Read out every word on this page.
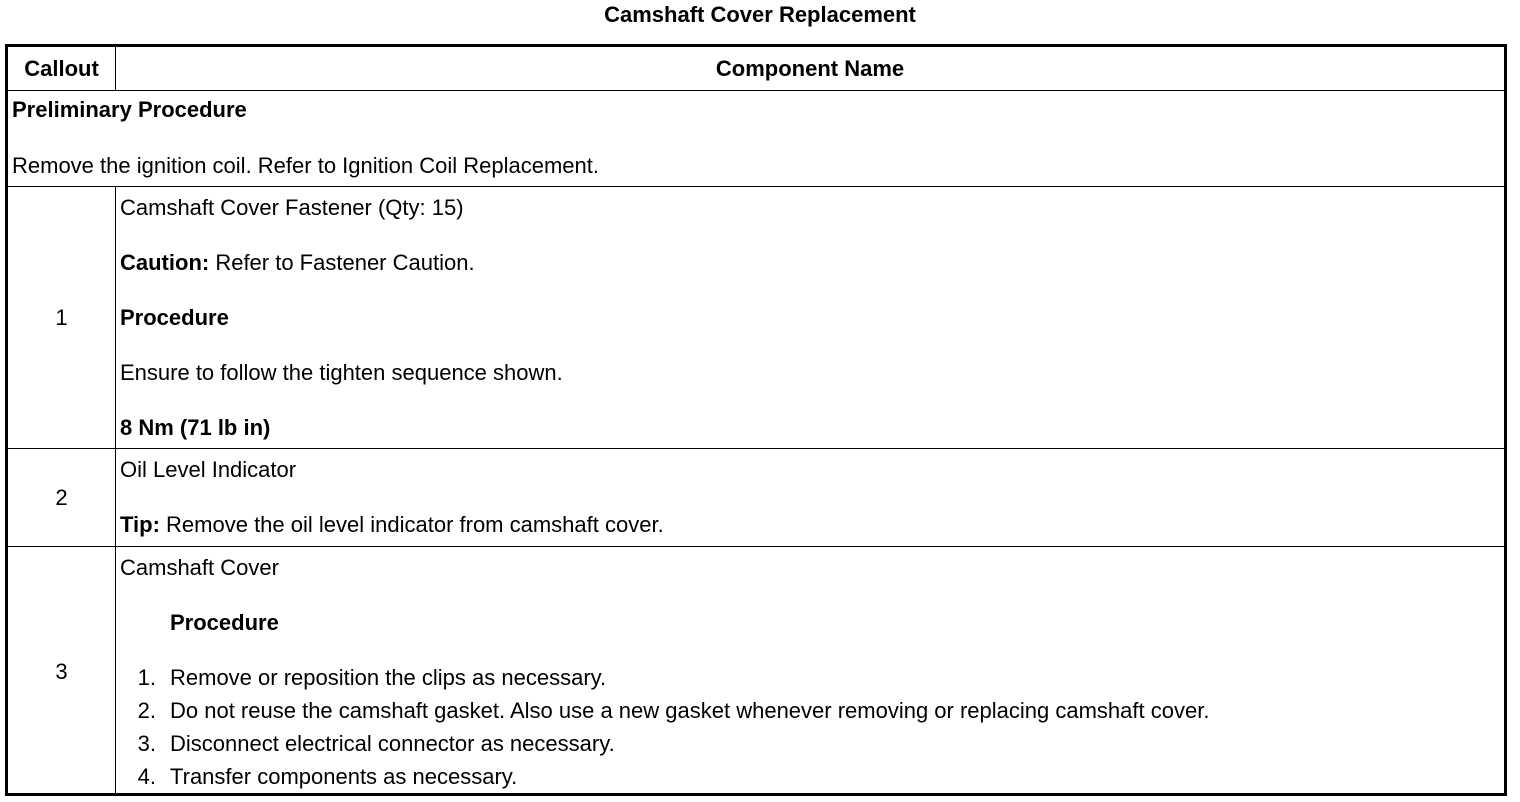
Camshaft Cover Replacement
Callout	Component Name
Preliminary Procedure
Remove the ignition coil. Refer to Ignition Coil Replacement.
1
Camshaft Cover Fastener (Qty: 15)
Caution: Refer to Fastener Caution.
Procedure
Ensure to follow the tighten sequence shown.
8 Nm (71 lb in)
2
Oil Level Indicator
Tip: Remove the oil level indicator from camshaft cover.
3
Camshaft Cover
Procedure
1. Remove or reposition the clips as necessary.
2. Do not reuse the camshaft gasket. Also use a new gasket whenever removing or replacing camshaft cover.
3. Disconnect electrical connector as necessary.
4. Transfer components as necessary.
